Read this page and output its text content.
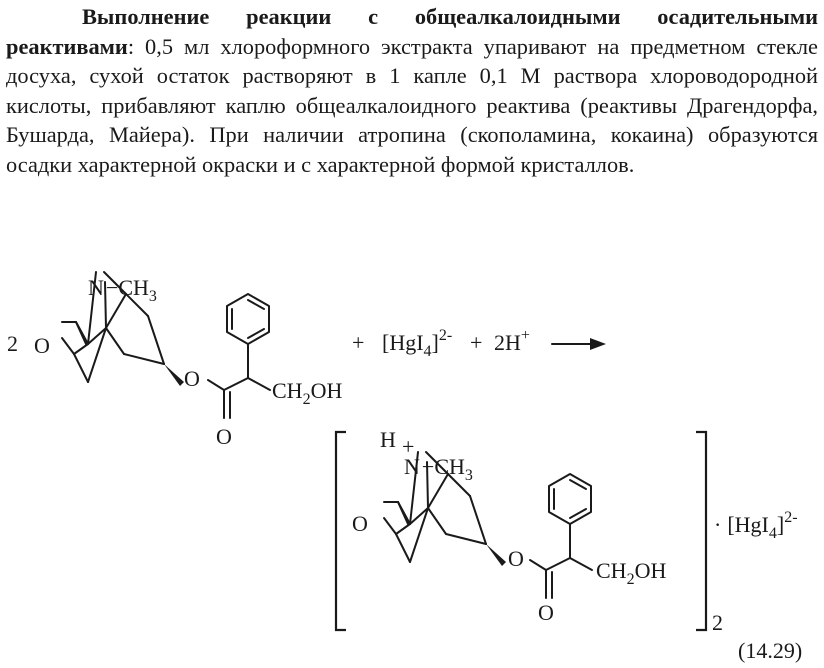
Выполнение реакции с общеалкалоидными осадительными реактивами: 0,5 мл хлороформного экстракта упаривают на предметном стекле досуха, сухой остаток растворяют в 1 капле 0,1 М раствора хлороводородной кислоты, прибавляют каплю общеалкалоидного реактива (реактивы Драгендорфа, Бушарда, Майера). При наличии атропина (скополамина, кокаина) образуются осадки характерной окраски и с характерной формой кристаллов.

2 O
$N-CH_3$
O
O
$CH_2OH$
+ $[HgI_4]^{2-} + 2H^+$
H +
$N-CH_3$
O
O
O
$CH_2OH$
2
· $[HgI_4]^{2-}$
(14.29)
